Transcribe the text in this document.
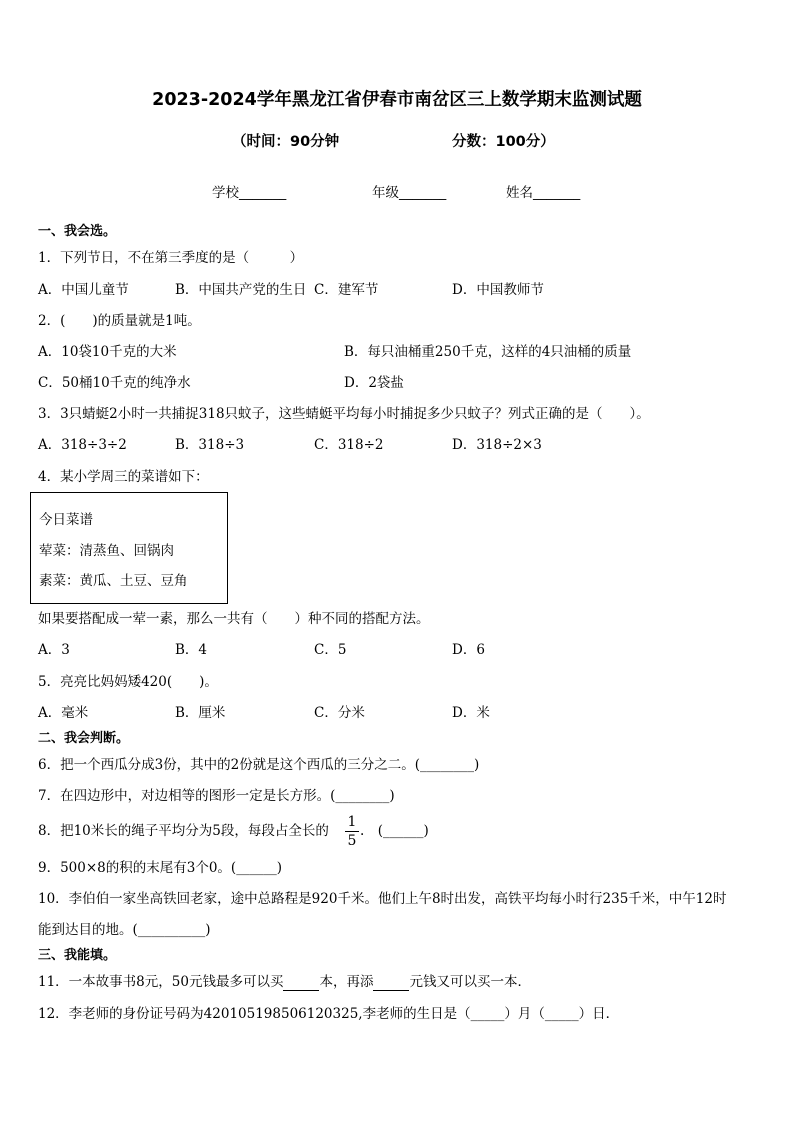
2023-2024学年黑龙江省伊春市南岔区三上数学期末监测试题
（时间：90分钟	分数：100分）
学校_______	年级_______	姓名_______
一、我会选。
1．下列节日，不在第三季度的是（　　　）
A．中国儿童节	B．中国共产党的生日 C．建军节	D．中国教师节
2．(　　)的质量就是1吨。
A．10袋10千克的大米	B．每只油桶重250千克，这样的4只油桶的质量
C．50桶10千克的纯净水	D．2袋盐
3．3只蜻蜓2小时一共捕捉318只蚊子，这些蜻蜓平均每小时捕捉多少只蚊子？列式正确的是（　　）。
A．318÷3÷2	B．318÷3	C．318÷2	D．318÷2×3
4．某小学周三的菜谱如下：
今日菜谱
荤菜：清蒸鱼、回锅肉
素菜：黄瓜、土豆、豆角
如果要搭配成一荤一素，那么一共有（　　）种不同的搭配方法。
A．3	B．4	C．5	D．6
5．亮亮比妈妈矮420(　　)。
A．毫米	B．厘米	C．分米	D．米
二、我会判断。
6．把一个西瓜分成3份，其中的2份就是这个西瓜的三分之二。(________)
7．在四边形中，对边相等的图形一定是长方形。(________)
8．把10米长的绳子平均分为5段，每段占全长的
1
5
.　(______)
9．500×8的积的末尾有3个0。(______)
10．李伯伯一家坐高铁回老家，途中总路程是920千米。他们上午8时出发，高铁平均每小时行235千米，中午12时
能到达目的地。(__________)
三、我能填。
11．一本故事书8元，50元钱最多可以买	本，再添	元钱又可以买一本．
12．李老师的身份证号码为420105198506120325,李老师的生日是（_____）月（_____）日．
